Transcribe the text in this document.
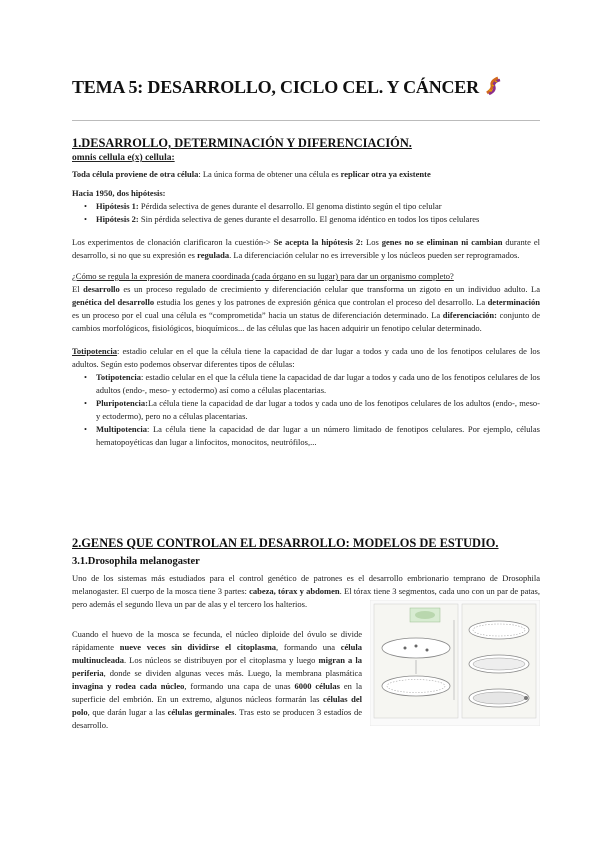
TEMA 5: DESARROLLO, CICLO CEL. Y CÁNCER
1.DESARROLLO, DETERMINACIÓN Y DIFERENCIACIÓN.
omnis cellula e(x) cellula:
Toda célula proviene de otra célula: La única forma de obtener una célula es replicar otra ya existente
Hacia 1950, dos hipótesis:
• Hipótesis 1: Pérdida selectiva de genes durante el desarrollo. El genoma distinto según el tipo celular
• Hipótesis 2: Sin pérdida selectiva de genes durante el desarrollo. El genoma idéntico en todos los tipos celulares
Los experimentos de clonación clarificaron la cuestión-> Se acepta la hipótesis 2: Los genes no se eliminan ni cambian durante el desarrollo, si no que su expresión es regulada. La diferenciación celular no es irreversible y los núcleos pueden ser reprogramados.
¿Cómo se regula la expresión de manera coordinada (cada órgano en su lugar) para dar un organismo completo?
El desarrollo es un proceso regulado de crecimiento y diferenciación celular que transforma un zigoto en un individuo adulto. La genética del desarrollo estudia los genes y los patrones de expresión génica que controlan el proceso del desarrollo. La determinación es un proceso por el cual una célula es “comprometida” hacia un status de diferenciación determinado. La diferenciación: conjunto de cambios morfológicos, fisiológicos, bioquímicos... de las células que las hacen adquirir un fenotipo celular determinado.
Totipotencia: estadio celular en el que la célula tiene la capacidad de dar lugar a todos y cada uno de los fenotipos celulares de los adultos. Según esto podemos observar diferentes tipos de células:
• Totipotencia: estadio celular en el que la célula tiene la capacidad de dar lugar a todos y cada uno de los fenotipos celulares de los adultos (endo-, meso- y ectodermo) así como a células placentarias.
• Pluripotencia:La célula tiene la capacidad de dar lugar a todos y cada uno de los fenotipos celulares de los adultos (endo-, meso- y ectodermo), pero no a células placentarias.
• Multipotencia: La célula tiene la capacidad de dar lugar a un número limitado de fenotipos celulares. Por ejemplo, células hematopoyéticas dan lugar a linfocitos, monocitos, neutrófilos,...
2.GENES QUE CONTROLAN EL DESARROLLO: MODELOS DE ESTUDIO.
3.1.Drosophila melanogaster
Uno de los sistemas más estudiados para el control genético de patrones es el desarrollo embrionario temprano de Drosophila melanogaster. El cuerpo de la mosca tiene 3 partes: cabeza, tórax y abdomen. El tórax tiene 3 segmentos, cada uno con un par de patas, pero además el segundo lleva un par de alas y el tercero los halterios.
Cuando el huevo de la mosca se fecunda, el núcleo diploide del óvulo se divide rápidamente nueve veces sin dividirse el citoplasma, formando una célula multinucleada. Los núcleos se distribuyen por el citoplasma y luego migran a la periferia, donde se dividen algunas veces más. Luego, la membrana plasmática invagina y rodea cada núcleo, formando una capa de unas 6000 células en la superficie del embrión. En un extremo, algunos núcleos formarán las células del polo, que darán lugar a las células germinales. Tras esto se producen 3 estadíos de desarrollo.
